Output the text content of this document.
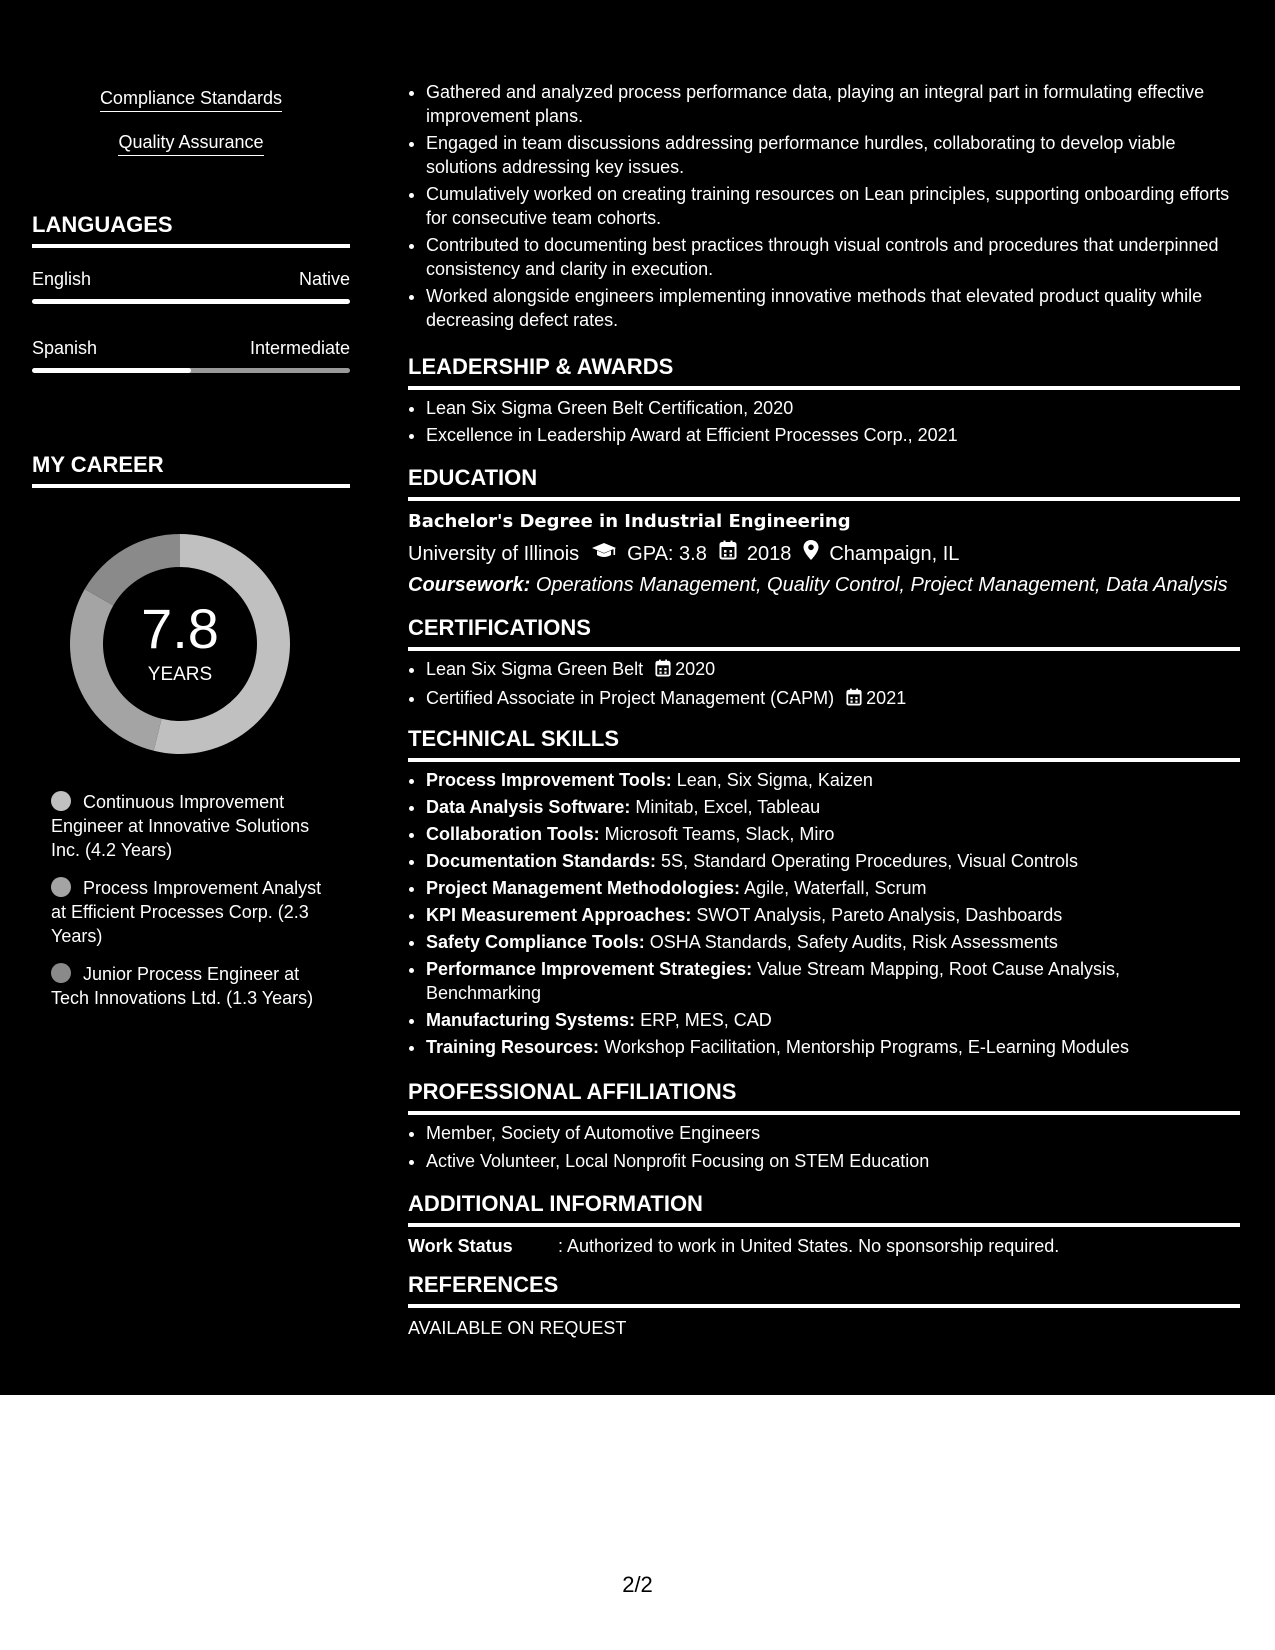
Compliance Standards
Quality Assurance
LANGUAGES
English	Native
Spanish	Intermediate
MY CAREER
7.8
YEARS
Continuous Improvement Engineer at Innovative Solutions Inc. (4.2 Years)
Process Improvement Analyst at Efficient Processes Corp. (2.3 Years)
Junior Process Engineer at Tech Innovations Ltd. (1.3 Years)
• Gathered and analyzed process performance data, playing an integral part in formulating effective improvement plans.
• Engaged in team discussions addressing performance hurdles, collaborating to develop viable solutions addressing key issues.
• Cumulatively worked on creating training resources on Lean principles, supporting onboarding efforts for consecutive team cohorts.
• Contributed to documenting best practices through visual controls and procedures that underpinned consistency and clarity in execution.
• Worked alongside engineers implementing innovative methods that elevated product quality while decreasing defect rates.
LEADERSHIP & AWARDS
• Lean Six Sigma Green Belt Certification, 2020
• Excellence in Leadership Award at Efficient Processes Corp., 2021
EDUCATION
Bachelor's Degree in Industrial Engineering
University of Illinois GPA: 3.8 2018 Champaign, IL
Coursework: Operations Management, Quality Control, Project Management, Data Analysis
CERTIFICATIONS
• Lean Six Sigma Green Belt 2020
• Certified Associate in Project Management (CAPM) 2021
TECHNICAL SKILLS
• Process Improvement Tools: Lean, Six Sigma, Kaizen
• Data Analysis Software: Minitab, Excel, Tableau
• Collaboration Tools: Microsoft Teams, Slack, Miro
• Documentation Standards: 5S, Standard Operating Procedures, Visual Controls
• Project Management Methodologies: Agile, Waterfall, Scrum
• KPI Measurement Approaches: SWOT Analysis, Pareto Analysis, Dashboards
• Safety Compliance Tools: OSHA Standards, Safety Audits, Risk Assessments
• Performance Improvement Strategies: Value Stream Mapping, Root Cause Analysis, Benchmarking
• Manufacturing Systems: ERP, MES, CAD
• Training Resources: Workshop Facilitation, Mentorship Programs, E-Learning Modules
PROFESSIONAL AFFILIATIONS
• Member, Society of Automotive Engineers
• Active Volunteer, Local Nonprofit Focusing on STEM Education
ADDITIONAL INFORMATION
Work Status	: Authorized to work in United States. No sponsorship required.
REFERENCES
AVAILABLE ON REQUEST
2/2
